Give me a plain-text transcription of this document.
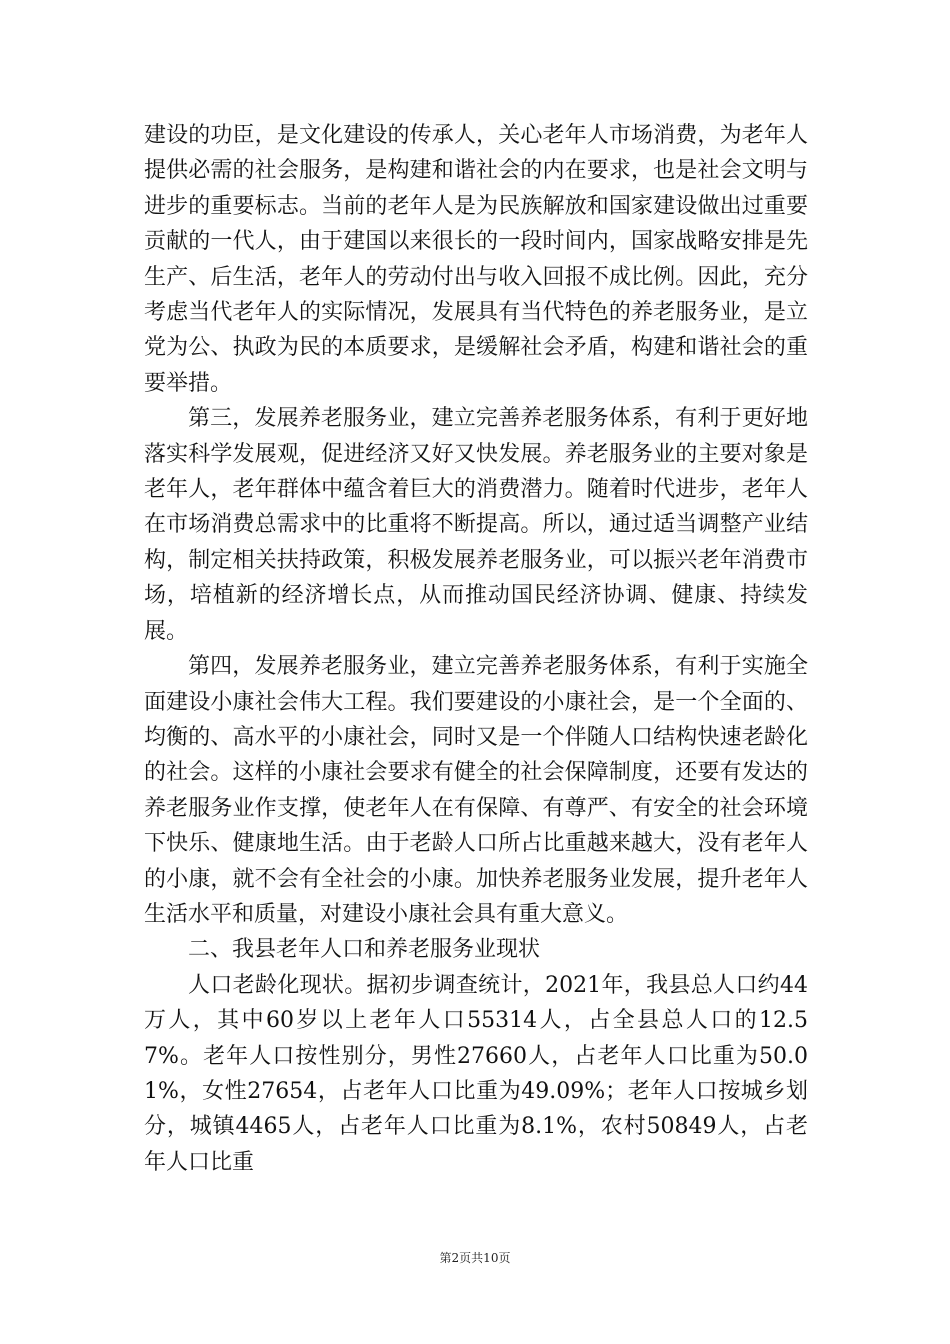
建设的功臣，是文化建设的传承人，关心老年人市场消费，为老年人提供必需的社会服务，是构建和谐社会的内在要求，也是社会文明与进步的重要标志。当前的老年人是为民族解放和国家建设做出过重要贡献的一代人，由于建国以来很长的一段时间内，国家战略安排是先生产、后生活，老年人的劳动付出与收入回报不成比例。因此，充分考虑当代老年人的实际情况，发展具有当代特色的养老服务业，是立党为公、执政为民的本质要求，是缓解社会矛盾，构建和谐社会的重要举措。

第三，发展养老服务业，建立完善养老服务体系，有利于更好地落实科学发展观，促进经济又好又快发展。养老服务业的主要对象是老年人，老年群体中蕴含着巨大的消费潜力。随着时代进步，老年人在市场消费总需求中的比重将不断提高。所以，通过适当调整产业结构，制定相关扶持政策，积极发展养老服务业，可以振兴老年消费市场，培植新的经济增长点，从而推动国民经济协调、健康、持续发展。

第四，发展养老服务业，建立完善养老服务体系，有利于实施全面建设小康社会伟大工程。我们要建设的小康社会，是一个全面的、均衡的、高水平的小康社会，同时又是一个伴随人口结构快速老龄化的社会。这样的小康社会要求有健全的社会保障制度，还要有发达的养老服务业作支撑，使老年人在有保障、有尊严、有安全的社会环境下快乐、健康地生活。由于老龄人口所占比重越来越大，没有老年人的小康，就不会有全社会的小康。加快养老服务业发展，提升老年人生活水平和质量，对建设小康社会具有重大意义。

二、我县老年人口和养老服务业现状

人口老龄化现状。据初步调查统计，2021年，我县总人口约44万人，其中60岁以上老年人口55314人，占全县总人口的12.57%。老年人口按性别分，男性27660人，占老年人口比重为50.01%，女性27654，占老年人口比重为49.09%；老年人口按城乡划分，城镇4465人，占老年人口比重为8.1%，农村50849人，占老年人口比重

第2页共10页
